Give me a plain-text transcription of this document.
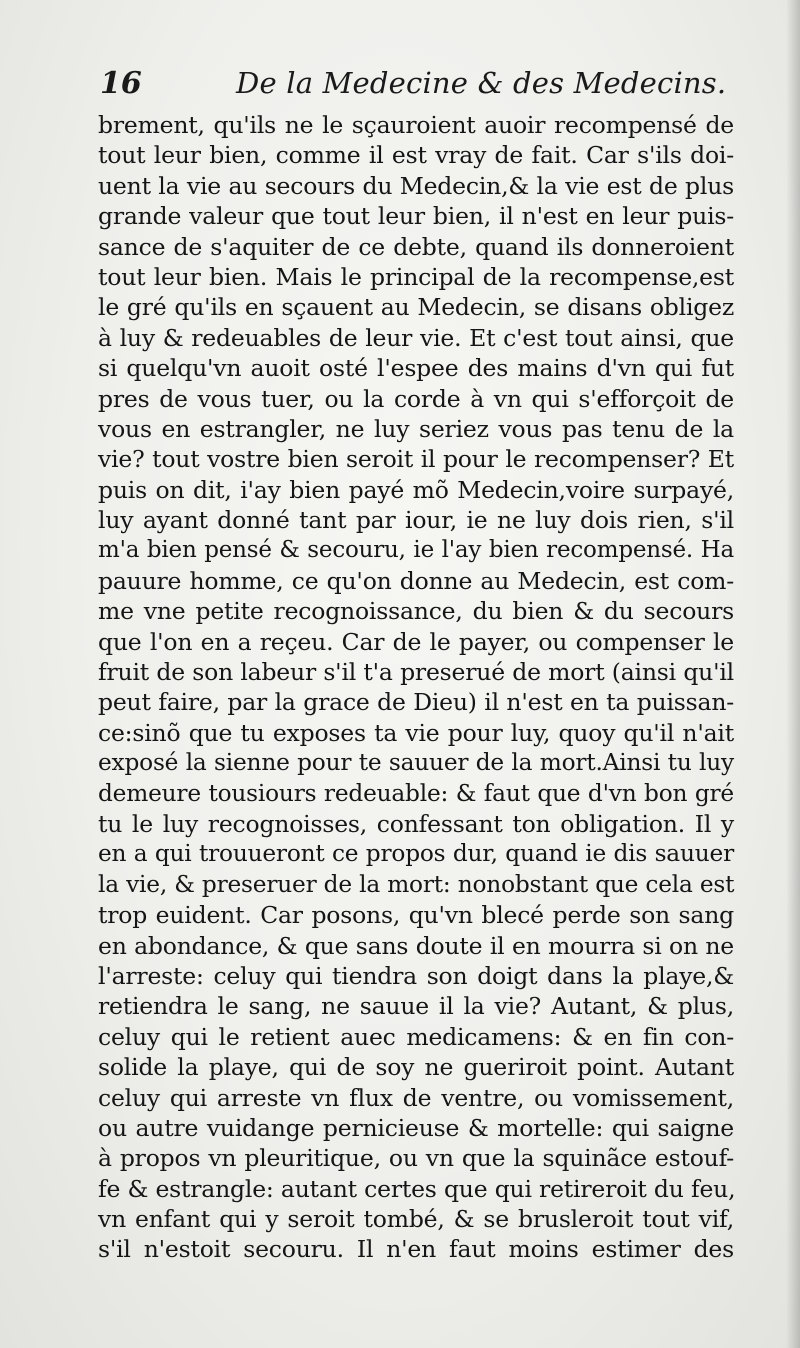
16	De la Medecine & des Medecins.
brement, qu'ils ne le sçauroient auoir recompensé de
tout leur bien, comme il est vray de fait. Car s'ils doi-
uent la vie au secours du Medecin,& la vie est de plus
grande valeur que tout leur bien, il n'est en leur puis-
sance de s'aquiter de ce debte, quand ils donneroient
tout leur bien. Mais le principal de la recompense,est
le gré qu'ils en sçauent au Medecin, se disans obligez
à luy & redeuables de leur vie. Et c'est tout ainsi, que
si quelqu'vn auoit osté l'espee des mains d'vn qui fut
pres de vous tuer, ou la corde à vn qui s'efforçoit de
vous en estrangler, ne luy seriez vous pas tenu de la
vie? tout vostre bien seroit il pour le recompenser? Et
puis on dit, i'ay bien payé mõ Medecin,voire surpayé,
luy ayant donné tant par iour, ie ne luy dois rien, s'il
m'a bien pensé & secouru, ie l'ay bien recompensé. Ha
pauure homme, ce qu'on donne au Medecin, est com-
me vne petite recognoissance, du bien & du secours
que l'on en a reçeu. Car de le payer, ou compenser le
fruit de son labeur s'il t'a preserué de mort (ainsi qu'il
peut faire, par la grace de Dieu) il n'est en ta puissan-
ce:sinõ que tu exposes ta vie pour luy, quoy qu'il n'ait
exposé la sienne pour te sauuer de la mort.Ainsi tu luy
demeure tousiours redeuable: & faut que d'vn bon gré
tu le luy recognoisses, confessant ton obligation. Il y
en a qui trouueront ce propos dur, quand ie dis sauuer
la vie, & preseruer de la mort: nonobstant que cela est
trop euident. Car posons, qu'vn blecé perde son sang
en abondance, & que sans doute il en mourra si on ne
l'arreste: celuy qui tiendra son doigt dans la playe,&
retiendra le sang, ne sauue il la vie? Autant, & plus,
celuy qui le retient auec medicamens: & en fin con-
solide la playe, qui de soy ne gueriroit point. Autant
celuy qui arreste vn flux de ventre, ou vomissement,
ou autre vuidange pernicieuse & mortelle: qui saigne
à propos vn pleuritique, ou vn que la squinãce estouf-
fe & estrangle: autant certes que qui retireroit du feu,
vn enfant qui y seroit tombé, & se brusleroit tout vif,
s'il n'estoit secouru. Il n'en faut moins estimer des
